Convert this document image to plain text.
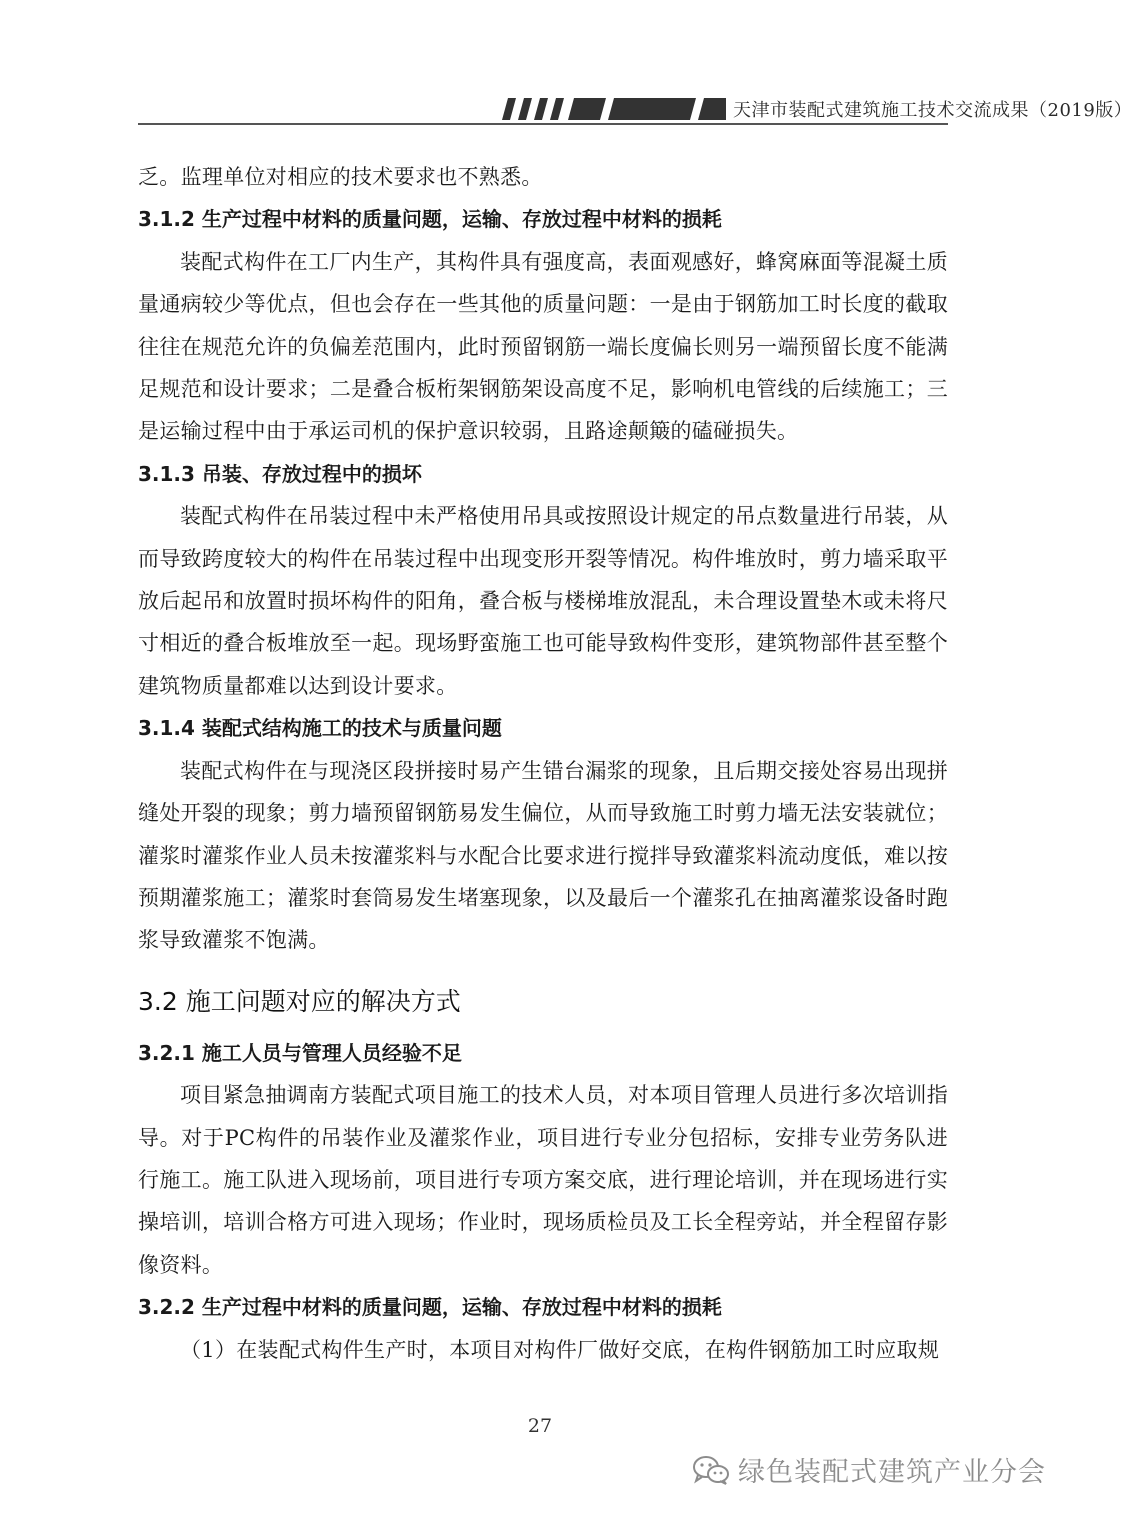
天津市装配式建筑施工技术交流成果（2019版）

乏。监理单位对相应的技术要求也不熟悉。

3.1.2 生产过程中材料的质量问题，运输、存放过程中材料的损耗

装配式构件在工厂内生产，其构件具有强度高，表面观感好，蜂窝麻面等混凝土质量通病较少等优点，但也会存在一些其他的质量问题：一是由于钢筋加工时长度的截取往往在规范允许的负偏差范围内，此时预留钢筋一端长度偏长则另一端预留长度不能满足规范和设计要求；二是叠合板桁架钢筋架设高度不足，影响机电管线的后续施工；三是运输过程中由于承运司机的保护意识较弱，且路途颠簸的磕碰损失。

3.1.3 吊装、存放过程中的损坏

装配式构件在吊装过程中未严格使用吊具或按照设计规定的吊点数量进行吊装，从而导致跨度较大的构件在吊装过程中出现变形开裂等情况。构件堆放时，剪力墙采取平放后起吊和放置时损坏构件的阳角，叠合板与楼梯堆放混乱，未合理设置垫木或未将尺寸相近的叠合板堆放至一起。现场野蛮施工也可能导致构件变形，建筑物部件甚至整个建筑物质量都难以达到设计要求。

3.1.4 装配式结构施工的技术与质量问题

装配式构件在与现浇区段拼接时易产生错台漏浆的现象，且后期交接处容易出现拼缝处开裂的现象；剪力墙预留钢筋易发生偏位，从而导致施工时剪力墙无法安装就位；灌浆时灌浆作业人员未按灌浆料与水配合比要求进行搅拌导致灌浆料流动度低，难以按预期灌浆施工；灌浆时套筒易发生堵塞现象，以及最后一个灌浆孔在抽离灌浆设备时跑浆导致灌浆不饱满。

3.2 施工问题对应的解决方式

3.2.1 施工人员与管理人员经验不足

项目紧急抽调南方装配式项目施工的技术人员，对本项目管理人员进行多次培训指导。对于PC构件的吊装作业及灌浆作业，项目进行专业分包招标，安排专业劳务队进行施工。施工队进入现场前，项目进行专项方案交底，进行理论培训，并在现场进行实操培训，培训合格方可进入现场；作业时，现场质检员及工长全程旁站，并全程留存影像资料。

3.2.2 生产过程中材料的质量问题，运输、存放过程中材料的损耗

（1）在装配式构件生产时，本项目对构件厂做好交底，在构件钢筋加工时应取规

27
绿色装配式建筑产业分会
